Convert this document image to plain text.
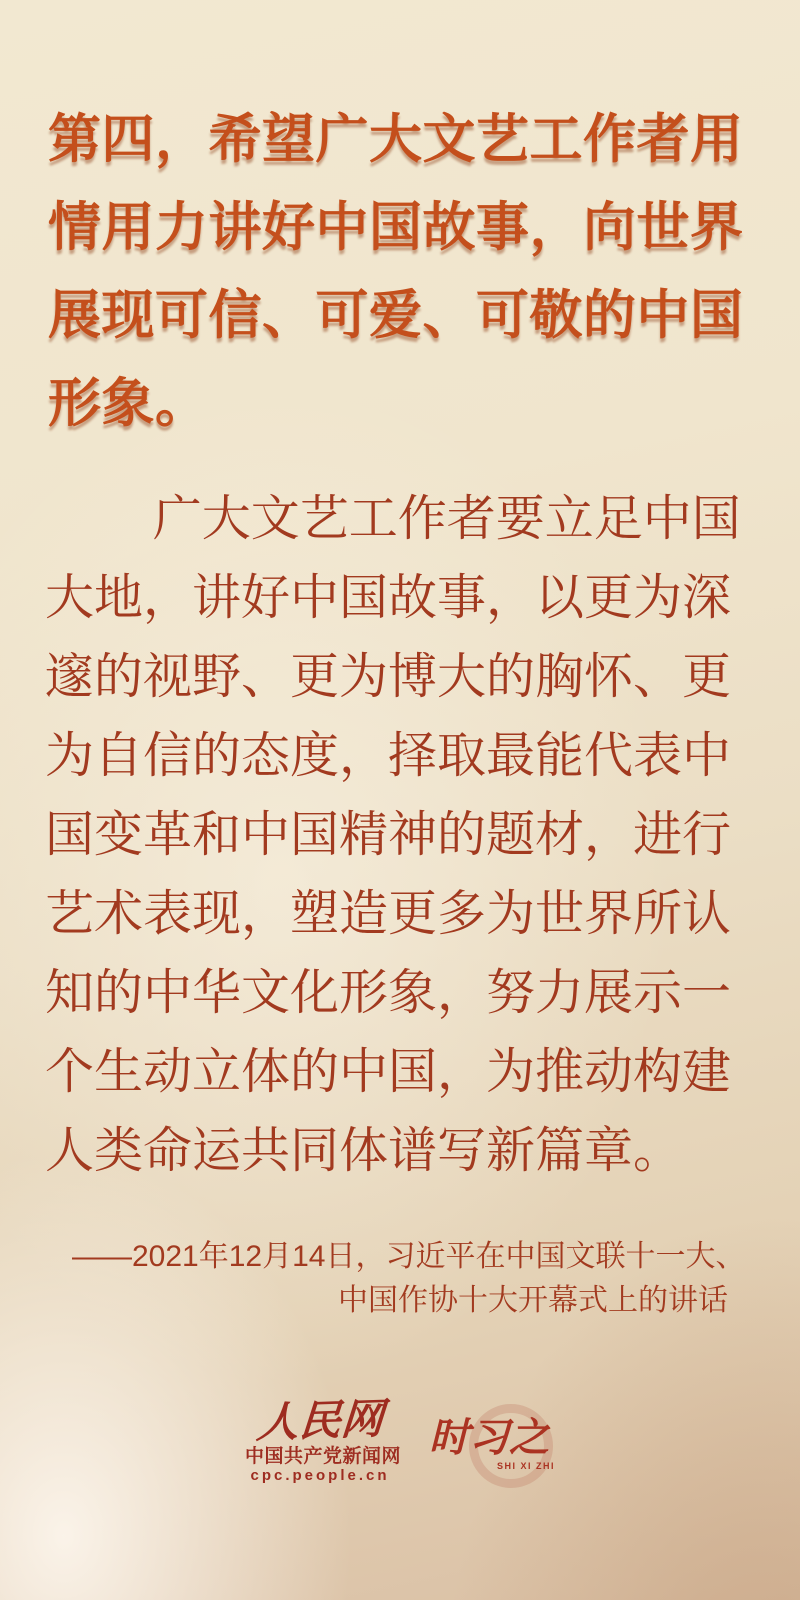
第四，希望广大文艺工作者用
情用力讲好中国故事，向世界
展现可信、可爱、可敬的中国
形象。
广大文艺工作者要立足中国
大地，讲好中国故事，以更为深
邃的视野、更为博大的胸怀、更
为自信的态度，择取最能代表中
国变革和中国精神的题材，进行
艺术表现，塑造更多为世界所认
知的中华文化形象，努力展示一
个生动立体的中国，为推动构建
人类命运共同体谱写新篇章。
——2021年12月14日，习近平在中国文联十一大、
中国作协十大开幕式上的讲话
人民网
中国共产党新闻网
cpc.people.cn
时习之
SHI XI ZHI
